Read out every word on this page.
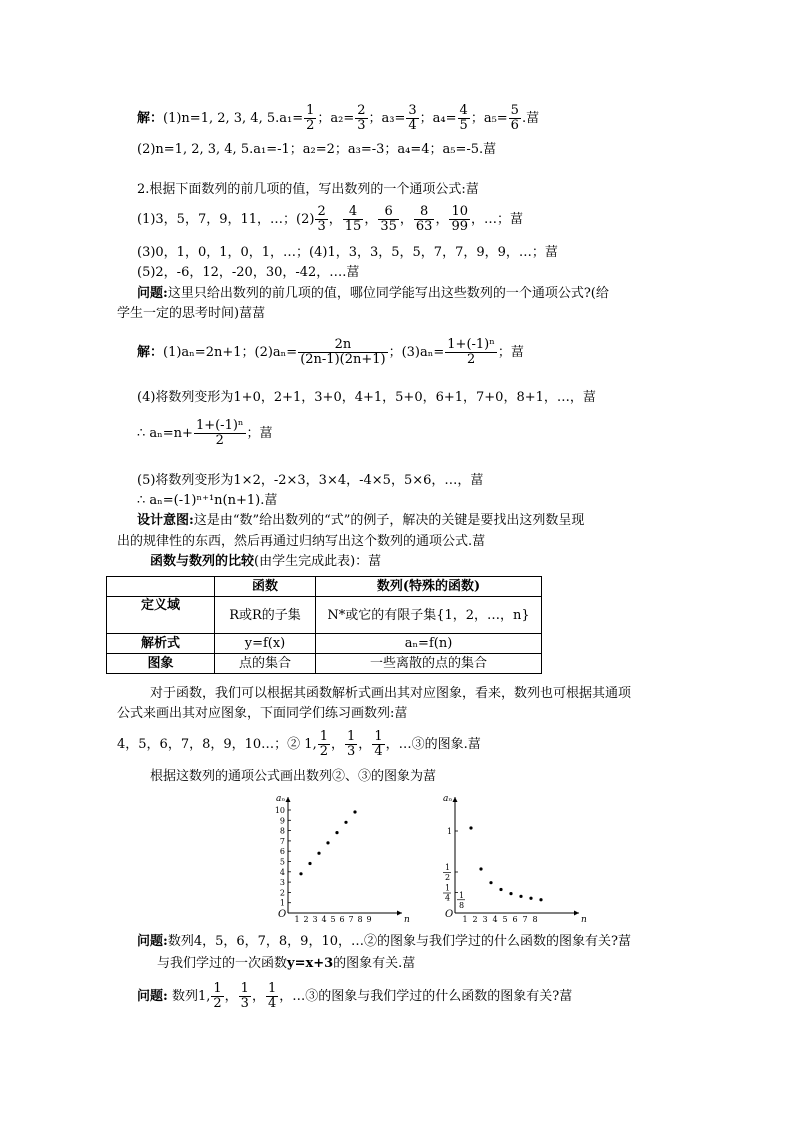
解：(1)n=1, 2, 3, 4, $5.a_1= \frac{1}{2}$ ；$a_2= \frac{2}{3}$ ；$a_3= \frac{3}{4}$ ；$a_4= \frac{4}{5}$ ；$a_5= \frac{5}{6}$ .葍
(2)n=1, 2, 3, 4, 5.a₁=-1；a₂=2；a₃=-3；a₄=4；a₅=-5.葍
2.根据下面数列的前几项的值，写出数列的一个通项公式:葍
(1)3，5，7，9，11，…；$(2) \frac{2}{3}$ ， $\frac{4}{15}$ ， $\frac{6}{35}$ ， $\frac{8}{63}$ ， $\frac{10}{99}$ ，…；葍
(3)0，1，0，1，0，1，…；(4)1，3，3，5，5，7，7，9，9，…；葍
(5)2，-6，12，-20，30，-42，….葍
问题:这里只给出数列的前几项的值，哪位同学能写出这些数列的一个通项公式?(给
学生一定的思考时间)葍葍
解：(1)aₙ=2n+1；$(2)a_n= \frac{2n}{(2n-1)(2n+1)}$ ；$(3)a_n= \frac{\text{1+(-1)ⁿ}}{2}$ ；葍
(4)将数列变形为1+0，2+1，3+0，4+1，5+0，6+1，7+0，8+1，…，葍
∴ $a_n=n+ \frac{\text{1+(-1)ⁿ}}{2}$ ；葍
(5)将数列变形为1×2，-2×3，3×4，-4×5，5×6，…，葍
∴ aₙ=(-1)ⁿ⁺¹n(n+1).葍
设计意图:这是由“数”给出数列的“式”的例子，解决的关键是要找出这列数呈现
出的规律性的东西，然后再通过归纳写出这个数列的通项公式.葍
函数与数列的比较(由学生完成此表)：葍
	函数	数列(特殊的函数)
定义域	R或R的子集	N*或它的有限子集{1，2，…，n}
解析式	y=f(x)	aₙ=f(n)
图象	点的集合	一些离散的点的集合
对于函数，我们可以根据其函数解析式画出其对应图象，看来，数列也可根据其通项
公式来画出其对应图象，下面同学们练习画数列:葍
4，5，6，7，8，9，10…；② 1, $\frac{1}{2}$ ， $\frac{1}{3}$ ， $\frac{1}{4}$ ，…③的图象.葍
根据这数列的通项公式画出数列②、③的图象为葍
O	n
aₙ
1 2 3 4 5 6 7 8 9
1
2
3
4
5
6
7
8
9
10
O	n
aₙ
1 2 3 4 5 6 7 8
1
1
2
1
4 1
8
问题:数列4，5，6，7，8，9，10，…②的图象与我们学过的什么函数的图象有关?葍
与我们学过的一次函数y=x+3的图象有关.葍
问题: 数列1, $\frac{1}{2}$ ， $\frac{1}{3}$ ， $\frac{1}{4}$ ，…③的图象与我们学过的什么函数的图象有关?葍
